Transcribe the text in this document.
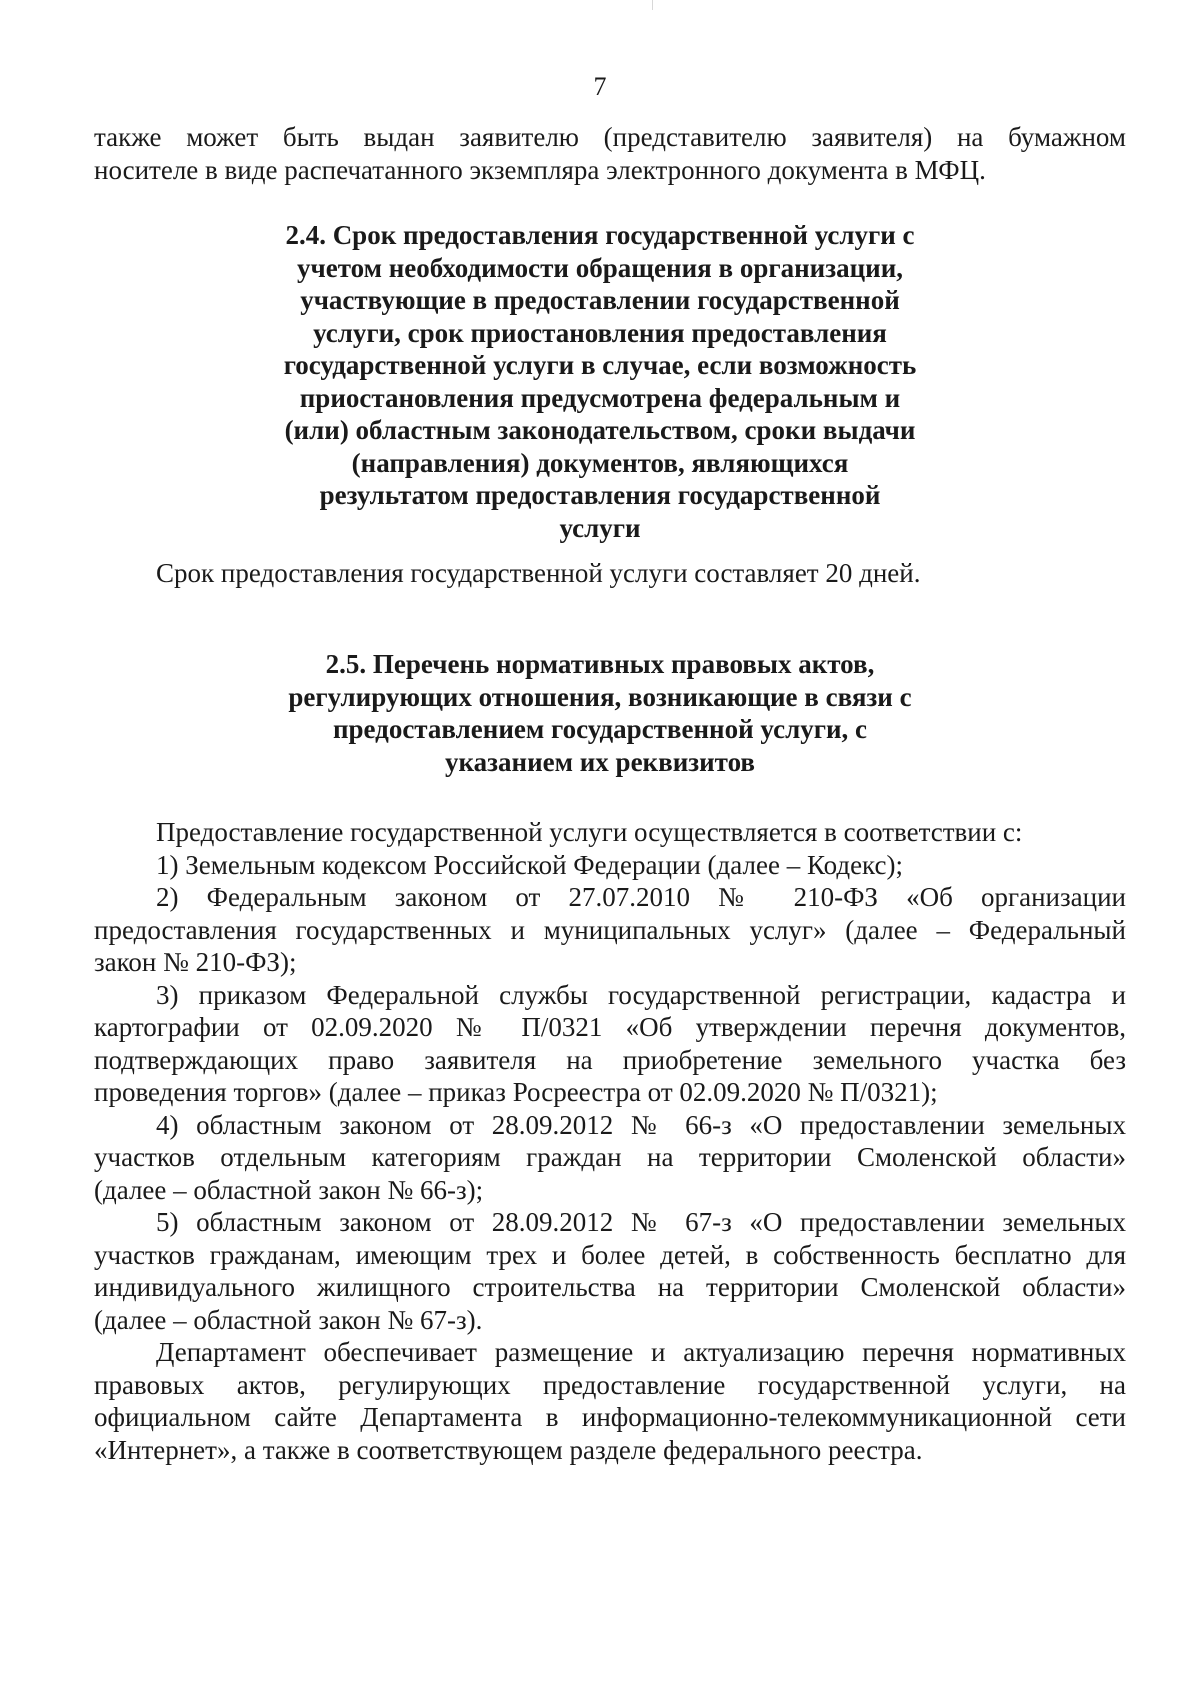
7
также может быть выдан заявителю (представителю заявителя) на бумажном
носителе в виде распечатанного экземпляра электронного документа в МФЦ.
2.4. Срок предоставления государственной услуги с
учетом необходимости обращения в организации,
участвующие в предоставлении государственной
услуги, срок приостановления предоставления
государственной услуги в случае, если возможность
приостановления предусмотрена федеральным и
(или) областным законодательством, сроки выдачи
(направления) документов, являющихся
результатом предоставления государственной
услуги

Срок предоставления государственной услуги составляет 20 дней.

2.5. Перечень нормативных правовых актов,
регулирующих отношения, возникающие в связи с
предоставлением государственной услуги, с
указанием их реквизитов

Предоставление государственной услуги осуществляется в соответствии с:

1) Земельным кодексом Российской Федерации (далее – Кодекс);
2) Федеральным законом от 27.07.2010 № 210-ФЗ «Об организации
предоставления государственных и муниципальных услуг» (далее – Федеральный
закон № 210-ФЗ);
3) приказом Федеральной службы государственной регистрации, кадастра и
картографии от 02.09.2020 № П/0321 «Об утверждении перечня документов,
подтверждающих право заявителя на приобретение земельного участка без
проведения торгов» (далее – приказ Росреестра от 02.09.2020 № П/0321);
4) областным законом от 28.09.2012 № 66-з «О предоставлении земельных
участков отдельным категориям граждан на территории Смоленской области»
(далее – областной закон № 66-з);
5) областным законом от 28.09.2012 № 67-з «О предоставлении земельных
участков гражданам, имеющим трех и более детей, в собственность бесплатно для
индивидуального жилищного строительства на территории Смоленской области»
(далее – областной закон № 67-з).
Департамент обеспечивает размещение и актуализацию перечня нормативных
правовых актов, регулирующих предоставление государственной услуги, на
официальном сайте Департамента в информационно-телекоммуникационной сети
«Интернет», а также в соответствующем разделе федерального реестра.
